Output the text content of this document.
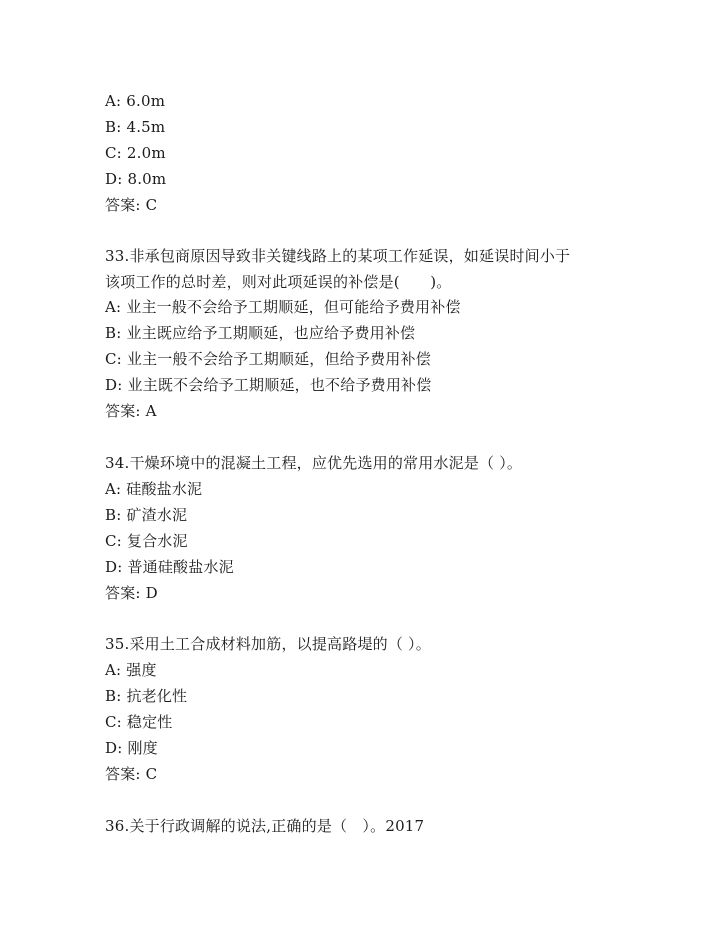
A: 6.0m
B: 4.5m
C: 2.0m
D: 8.0m
答案: C
33.非承包商原因导致非关键线路上的某项工作延误，如延误时间小于
该项工作的总时差，则对此项延误的补偿是(　　)。
A: 业主一般不会给予工期顺延，但可能给予费用补偿
B: 业主既应给予工期顺延，也应给予费用补偿
C: 业主一般不会给予工期顺延，但给予费用补偿
D: 业主既不会给予工期顺延，也不给予费用补偿
答案: A
34.干燥环境中的混凝土工程，应优先选用的常用水泥是（ ）。
A: 硅酸盐水泥
B: 矿渣水泥
C: 复合水泥
D: 普通硅酸盐水泥
答案: D
35.采用土工合成材料加筋，以提高路堤的（ ）。
A: 强度
B: 抗老化性
C: 稳定性
D: 刚度
答案: C
36.关于行政调解的说法,正确的是（　）。2017
